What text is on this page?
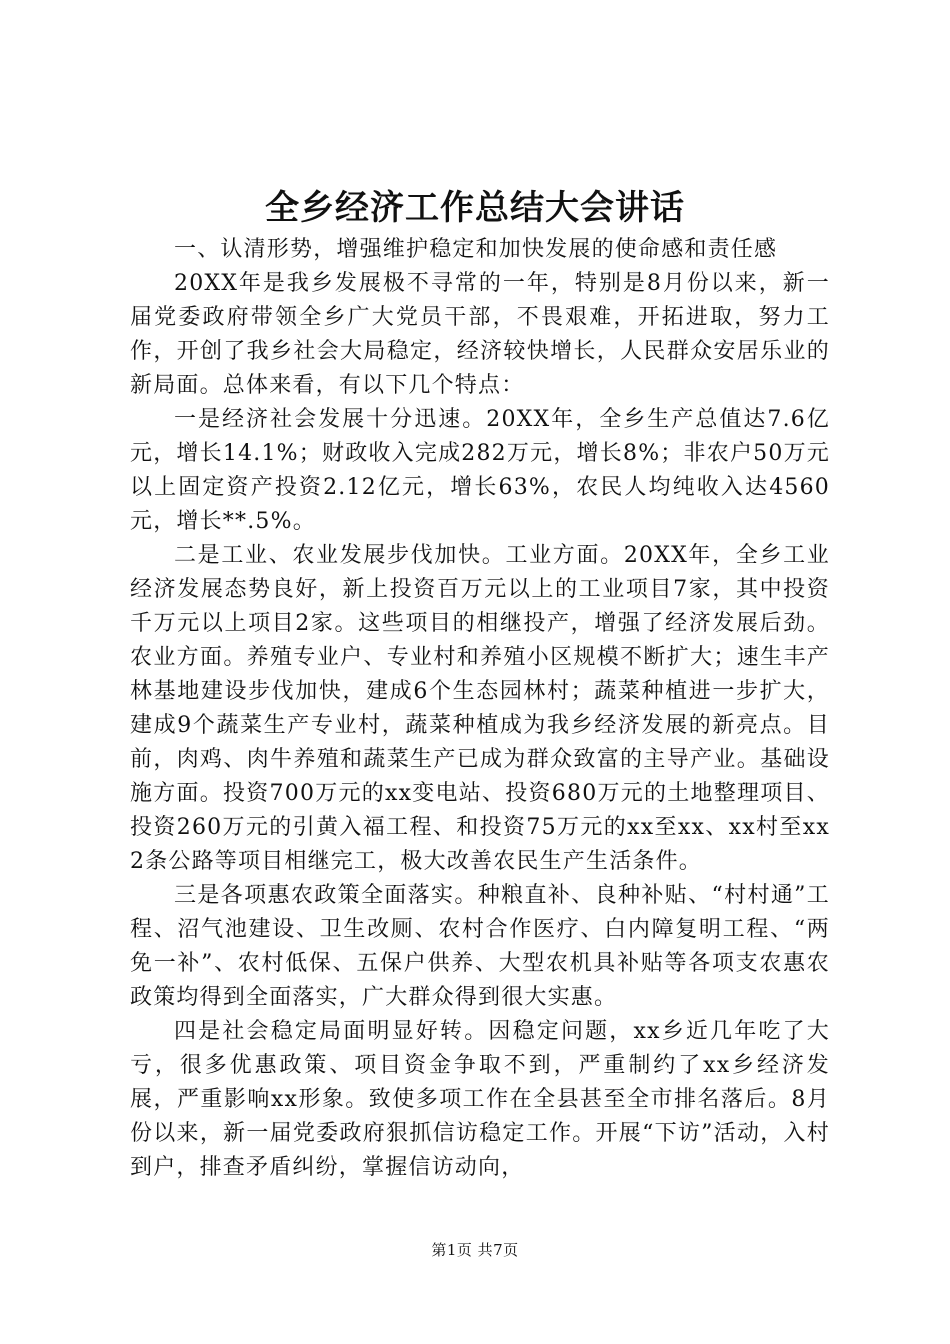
全乡经济工作总结大会讲话

一、认清形势，增强维护稳定和加快发展的使命感和责任感

20XX年是我乡发展极不寻常的一年，特别是8月份以来，新一届党委政府带领全乡广大党员干部，不畏艰难，开拓进取，努力工作，开创了我乡社会大局稳定，经济较快增长，人民群众安居乐业的新局面。总体来看，有以下几个特点：

一是经济社会发展十分迅速。20XX年，全乡生产总值达7.6亿元，增长14.1%；财政收入完成282万元，增长8%；非农户50万元以上固定资产投资2.12亿元，增长63%，农民人均纯收入达4560元，增长**.5%。

二是工业、农业发展步伐加快。工业方面。20XX年，全乡工业经济发展态势良好，新上投资百万元以上的工业项目7家，其中投资千万元以上项目2家。这些项目的相继投产，增强了经济发展后劲。农业方面。养殖专业户、专业村和养殖小区规模不断扩大；速生丰产林基地建设步伐加快，建成6个生态园林村；蔬菜种植进一步扩大，建成9个蔬菜生产专业村，蔬菜种植成为我乡经济发展的新亮点。目前，肉鸡、肉牛养殖和蔬菜生产已成为群众致富的主导产业。基础设施方面。投资700万元的xx变电站、投资680万元的土地整理项目、投资260万元的引黄入福工程、和投资75万元的xx至xx、xx村至xx2条公路等项目相继完工，极大改善农民生产生活条件。

三是各项惠农政策全面落实。种粮直补、良种补贴、“村村通”工程、沼气池建设、卫生改厕、农村合作医疗、白内障复明工程、“两免一补”、农村低保、五保户供养、大型农机具补贴等各项支农惠农政策均得到全面落实，广大群众得到很大实惠。

四是社会稳定局面明显好转。因稳定问题，xx乡近几年吃了大亏，很多优惠政策、项目资金争取不到，严重制约了xx乡经济发展，严重影响xx形象。致使多项工作在全县甚至全市排名落后。8月份以来，新一届党委政府狠抓信访稳定工作。开展“下访”活动，入村到户，排查矛盾纠纷，掌握信访动向，

第1页 共7页
